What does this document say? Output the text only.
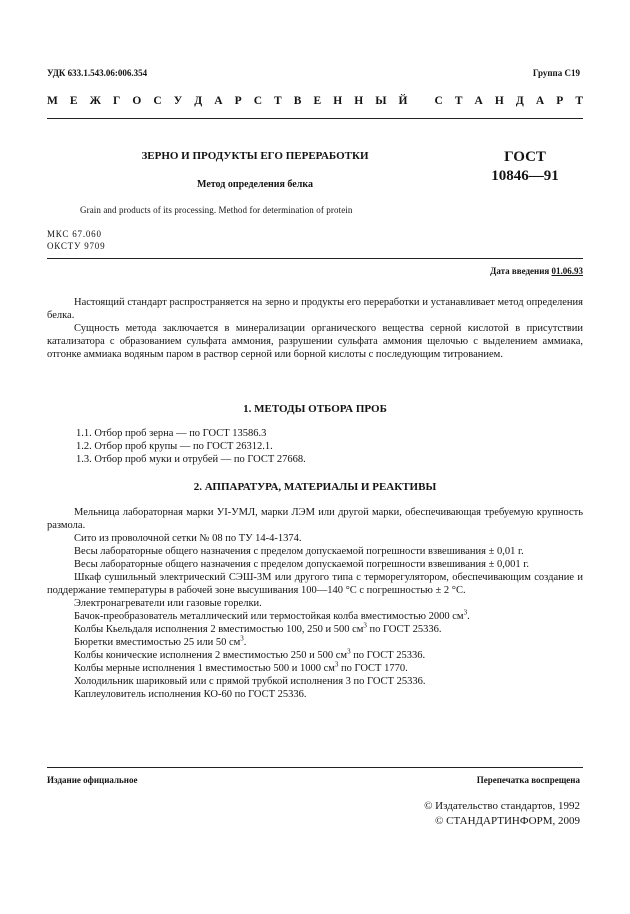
УДК 633.1.543.06:006.354	Группа С19
М Е Ж Г О С У Д А Р С Т В Е Н Н Ы Й
С Т А Н Д А Р Т
ЗЕРНО И ПРОДУКТЫ ЕГО ПЕРЕРАБОТКИ
Метод определения белка
ГОСТ
10846—91
Grain and products of its processing. Method for determination of protein
МКС 67.060
ОКСТУ 9709
Дата введения 01.06.93

Настоящий стандарт распространяется на зерно и продукты его переработки и устанавливает метод определения белка.

Сущность метода заключается в минерализации органического вещества серной кислотой в присутствии катализатора с образованием сульфата аммония, разрушении сульфата аммония щелочью с выделением аммиака, отгонке аммиака водяным паром в раствор серной или борной кислоты с последующим титрованием.

1. МЕТОДЫ ОТБОРА ПРОБ
1.1. Отбор проб зерна — по ГОСТ 13586.3
1.2. Отбор проб крупы — по ГОСТ 26312.1.
1.3. Отбор проб муки и отрубей — по ГОСТ 27668.
2. АППАРАТУРА, МАТЕРИАЛЫ И РЕАКТИВЫ

Мельница лабораторная марки УI-УМЛ, марки ЛЭМ или другой марки, обеспечивающая требуемую крупность размола.

Сито из проволочной сетки № 08 по ТУ 14-4-1374.

Весы лабораторные общего назначения с пределом допускаемой погрешности взвешивания ± 0,01 г.

Весы лабораторные общего назначения с пределом допускаемой погрешности взвешивания ± 0,001 г.

Шкаф сушильный электрический СЭШ-3М или другого типа с терморегулятором, обеспечивающим создание и поддержание температуры в рабочей зоне высушивания 100—140 °С с погрешностью ± 2 °С.

Электронагреватели или газовые горелки.

Бачок-преобразователь металлический или термостойкая колба вместимостью 2000 $см^3$.

Колбы Кьельдаля исполнения 2 вместимостью 100, 250 и 500 $см^3$ по ГОСТ 25336.

Бюретки вместимостью 25 или 50 $см^3$.

Колбы конические исполнения 2 вместимостью 250 и 500 $см^3$ по ГОСТ 25336.

Колбы мерные исполнения 1 вместимостью 500 и 1000 $см^3$ по ГОСТ 1770.

Холодильник шариковый или с прямой трубкой исполнения 3 по ГОСТ 25336.

Каплеуловитель исполнения КО-60 по ГОСТ 25336.

Издание официальное	Перепечатка воспрещена
© Издательство стандартов, 1992
© СТАНДАРТИНФОРМ, 2009
